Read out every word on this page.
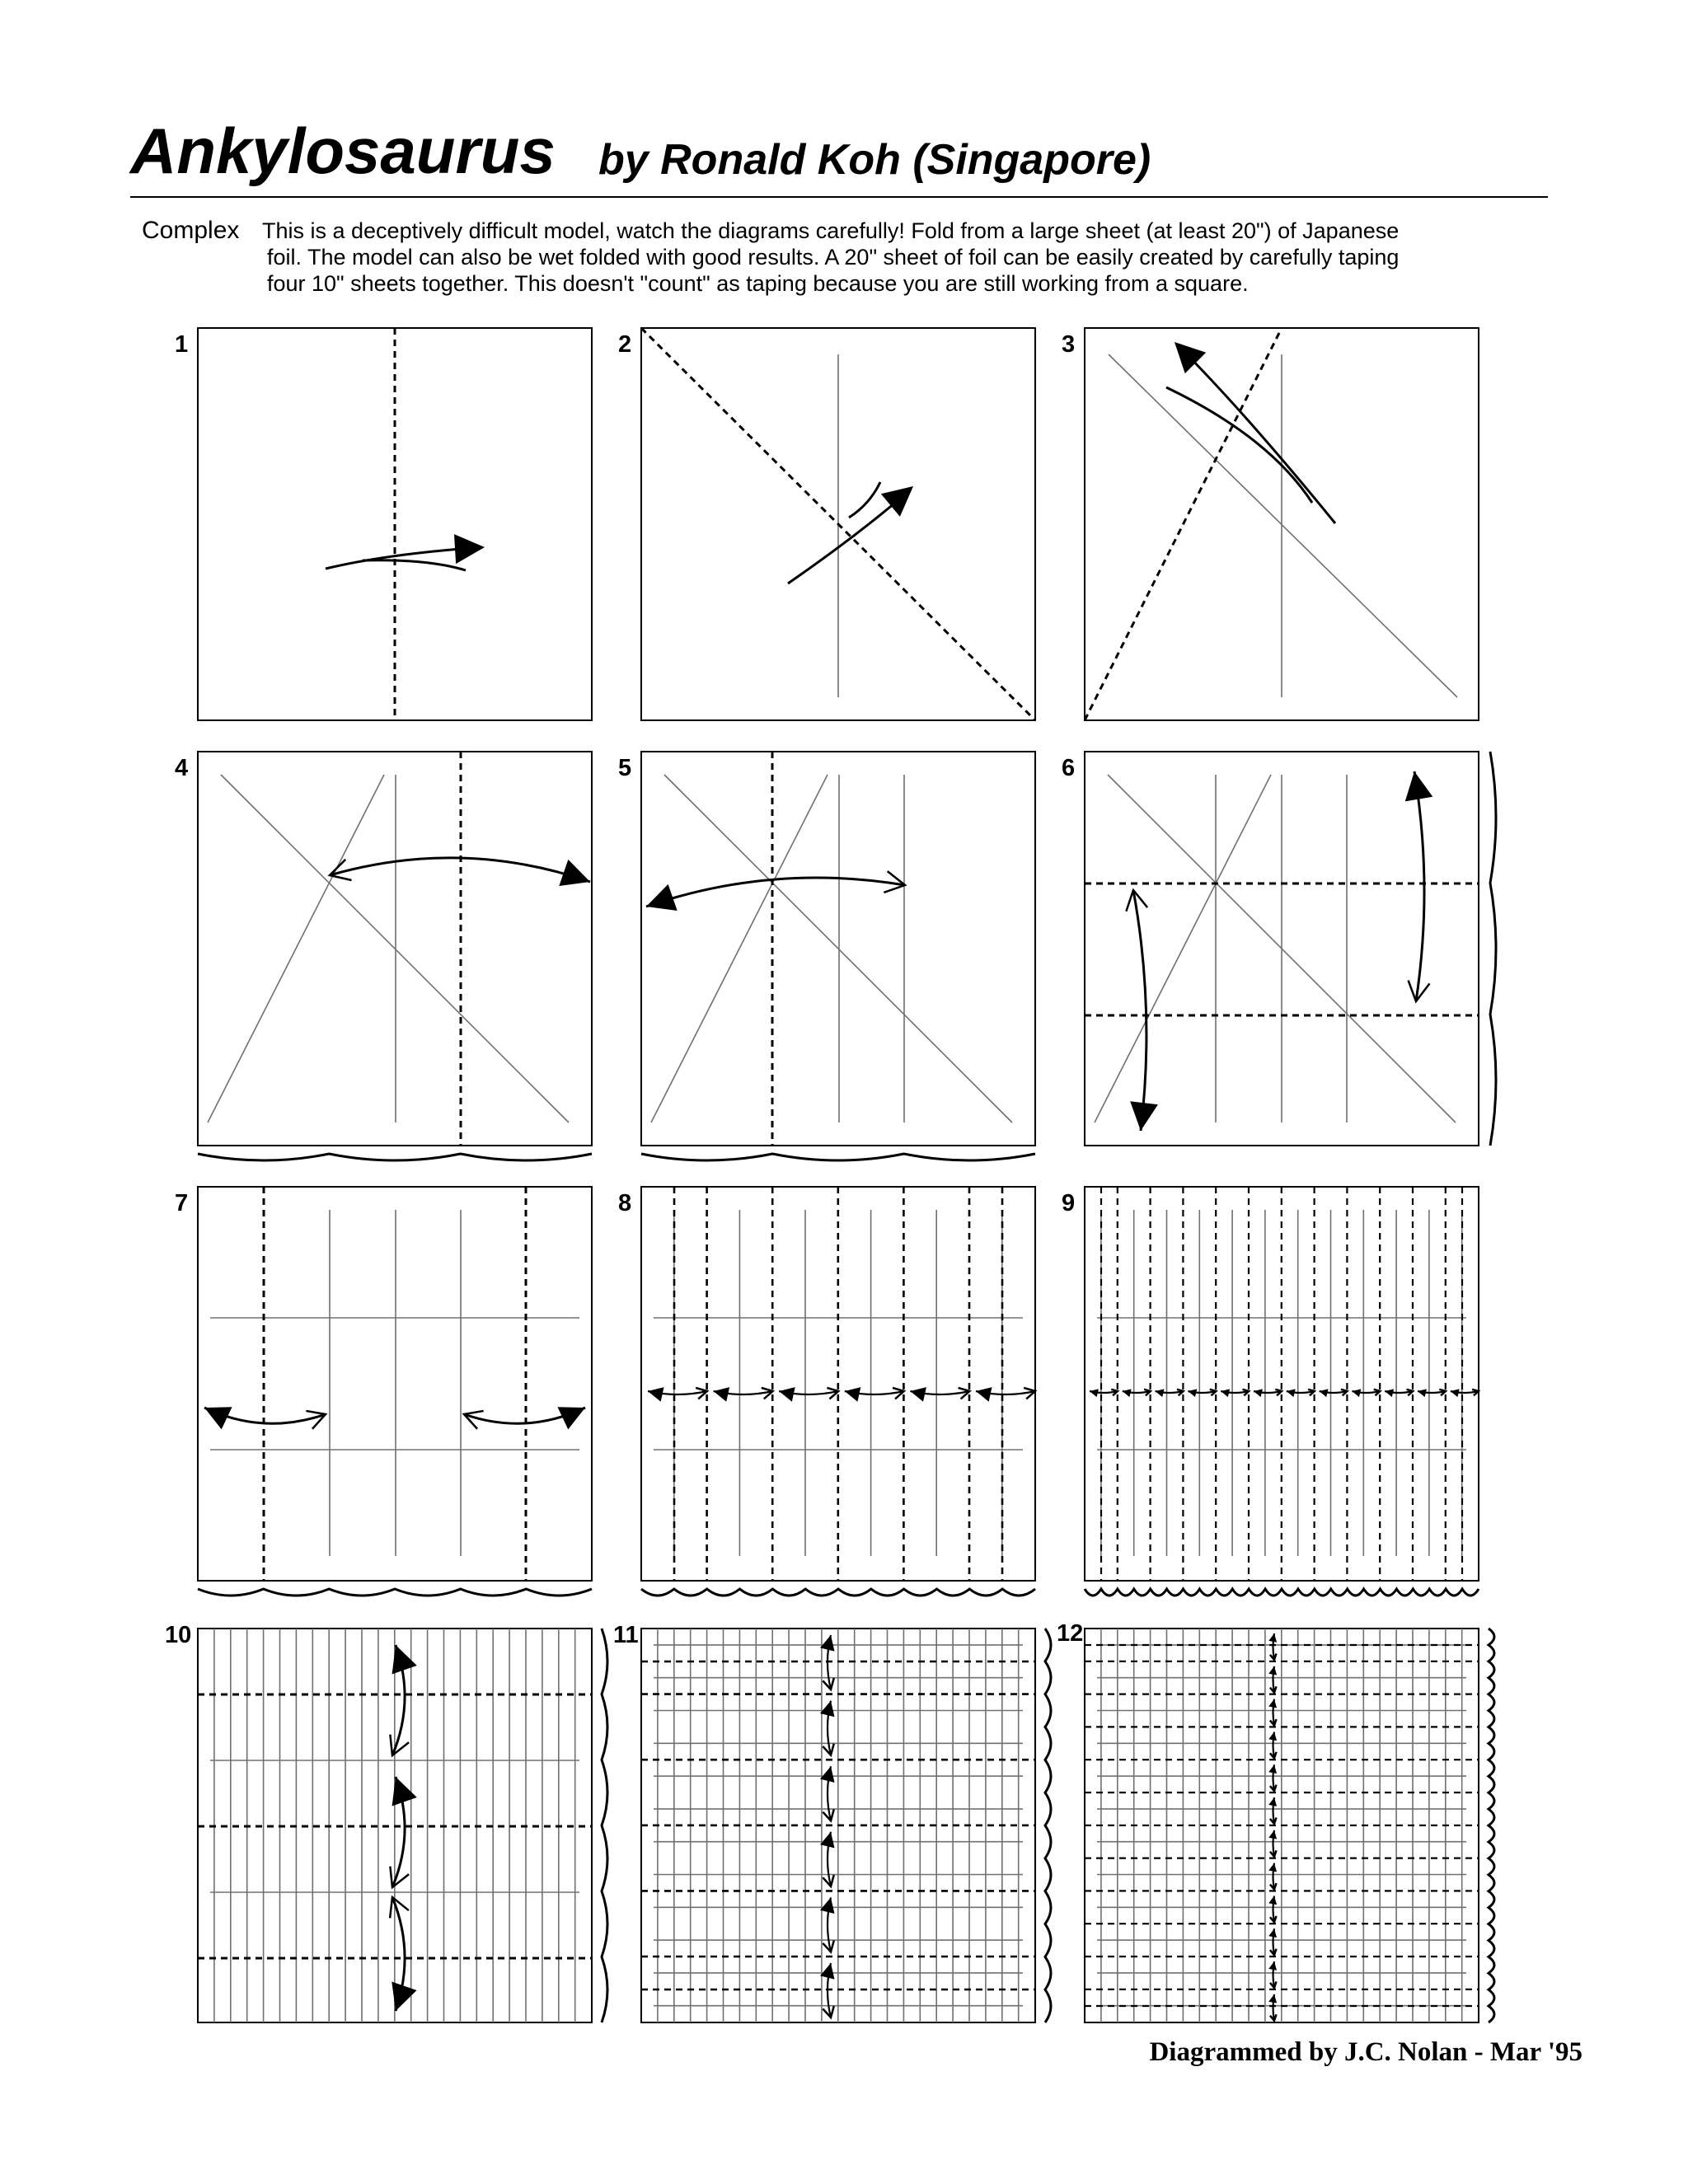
Ankylosaurus by Ronald Koh (Singapore)
Complex This is a deceptively difficult model, watch the diagrams carefully! Fold from a large sheet (at least 20") of Japanese
foil. The model can also be wet folded with good results. A 20" sheet of foil can be easily created by carefully taping
four 10" sheets together. This doesn't "count" as taping because you are still working from a square.

1	2	3
4	5	6
7	8	9
10	11	12
Diagrammed by J.C. Nolan - Mar '95
